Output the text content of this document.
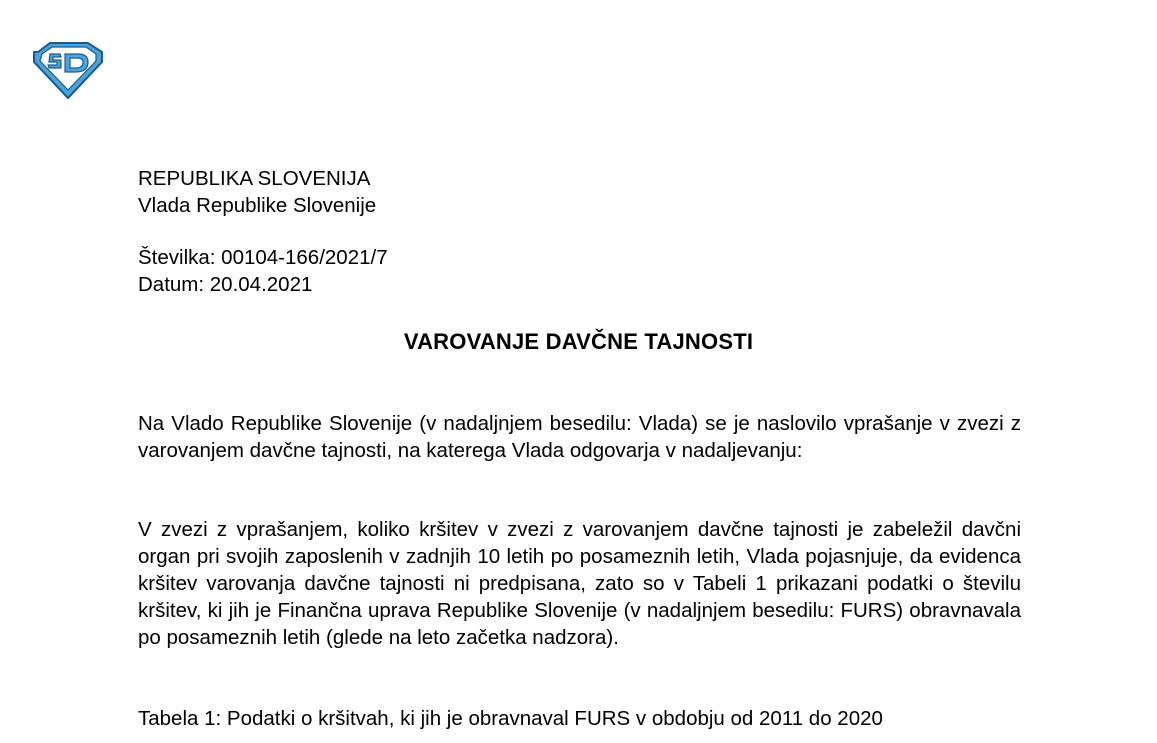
REPUBLIKA SLOVENIJA
Vlada Republike Slovenije
Številka: 00104-166/2021/7
Datum: 20.04.2021
VAROVANJE DAVČNE TAJNOSTI
Na Vlado Republike Slovenije (v nadaljnjem besedilu: Vlada) se je naslovilo vprašanje v zvezi z varovanjem davčne tajnosti, na katerega Vlada odgovarja v nadaljevanju:
V zvezi z vprašanjem, koliko kršitev v zvezi z varovanjem davčne tajnosti je zabeležil davčni organ pri svojih zaposlenih v zadnjih 10 letih po posameznih letih, Vlada pojasnjuje, da evidenca kršitev varovanja davčne tajnosti ni predpisana, zato so v Tabeli 1 prikazani podatki o številu kršitev, ki jih je Finančna uprava Republike Slovenije (v nadaljnjem besedilu: FURS) obravnavala po posameznih letih (glede na leto začetka nadzora).
Tabela 1: Podatki o kršitvah, ki jih je obravnaval FURS v obdobju od 2011 do 2020
